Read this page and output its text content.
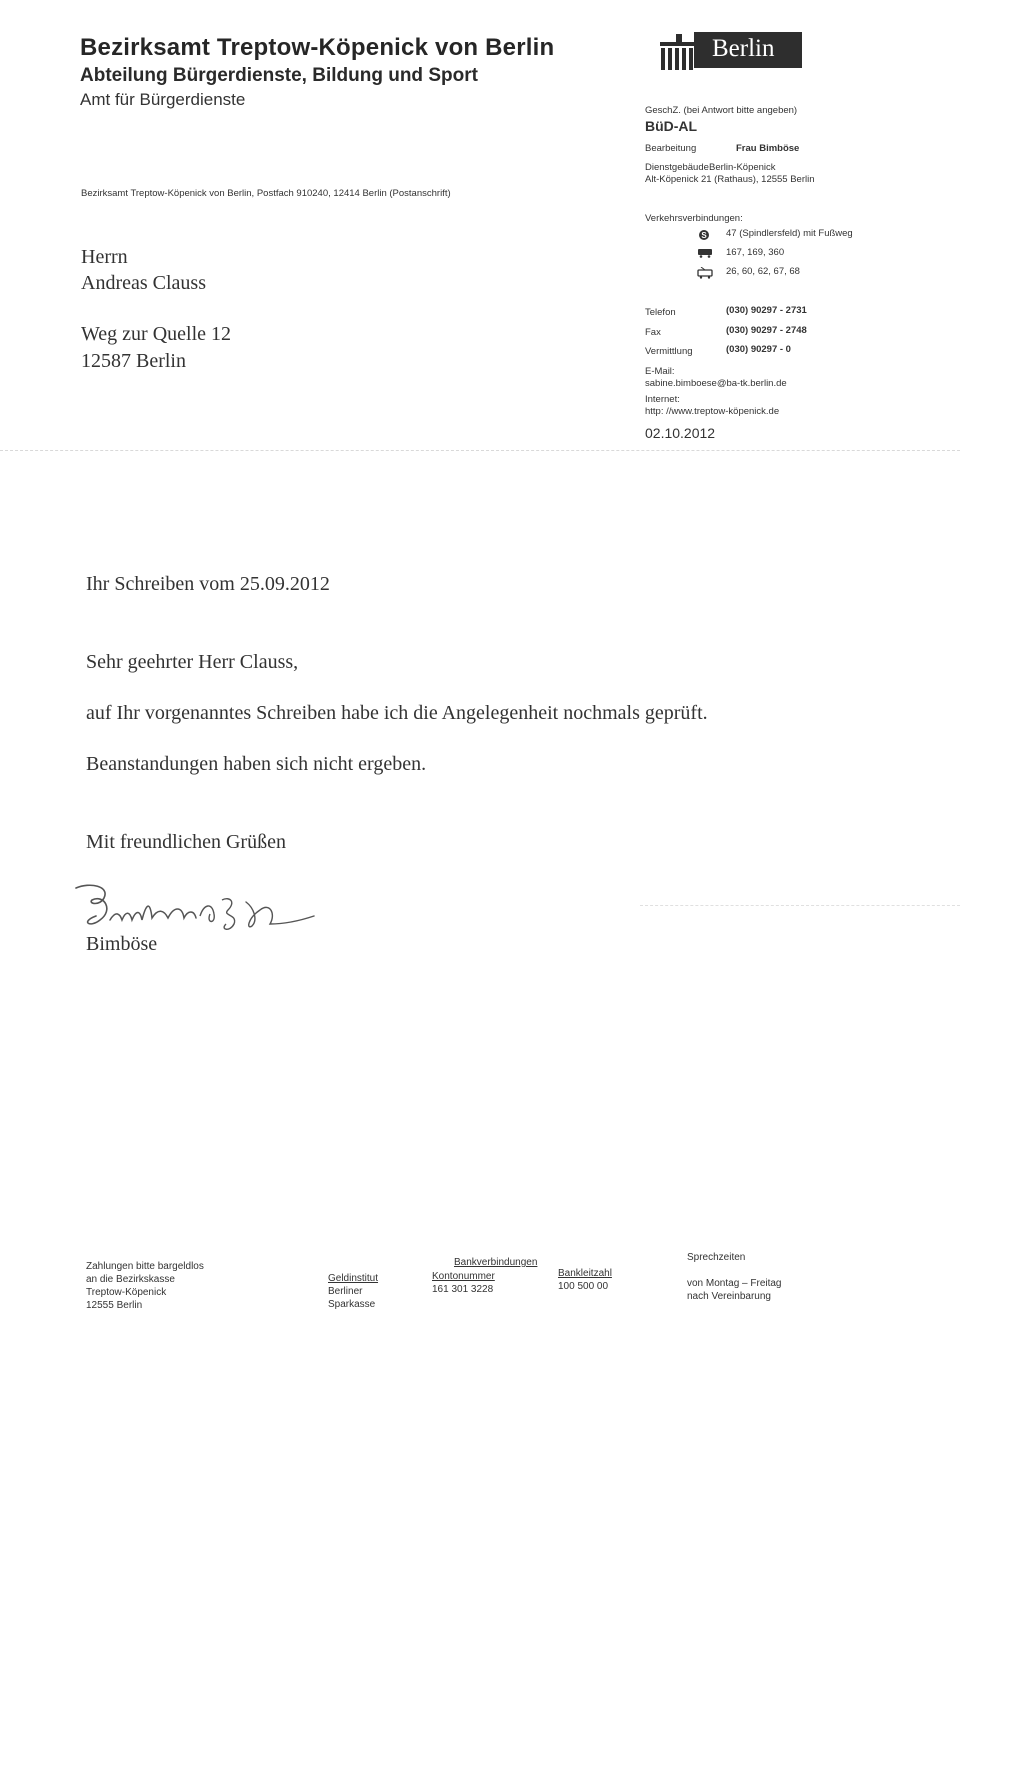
Bezirksamt Treptow-Köpenick von Berlin
Abteilung Bürgerdienste, Bildung und Sport
Amt für Bürgerdienste
Bezirksamt Treptow-Köpenick von Berlin, Postfach 910240, 12414 Berlin (Postanschrift)
Berlin
Herrn
Andreas Clauss
Weg zur Quelle 12
12587 Berlin
GeschZ. (bei Antwort bitte angeben)
BüD-AL
Bearbeitung	Frau Bimböse
Dienstgebäude Berlin-Köpenick
Alt-Köpenick 21 (Rathaus), 12555 Berlin
Verkehrsverbindungen:
S 47 (Spindlersfeld) mit Fußweg
167, 169, 360
26, 60, 62, 67, 68
Telefon	(030) 90297 - 2731
Fax	(030) 90297 - 2748
Vermittlung	(030) 90297 - 0
E-Mail:
sabine.bimboese@ba-tk.berlin.de
Internet:
http: //www.treptow-köpenick.de
02.10.2012
Ihr Schreiben vom 25.09.2012
Sehr geehrter Herr Clauss,
auf Ihr vorgenanntes Schreiben habe ich die Angelegenheit nochmals geprüft.
Beanstandungen haben sich nicht ergeben.
Mit freundlichen Grüßen
Bimböse
Zahlungen bitte bargeldlos
an die Bezirkskasse
Treptow-Köpenick
12555 Berlin
Geldinstitut
Berliner
Sparkasse
Bankverbindungen
Kontonummer
161 301 3228
Bankleitzahl
100 500 00
Sprechzeiten
von Montag – Freitag
nach Vereinbarung
